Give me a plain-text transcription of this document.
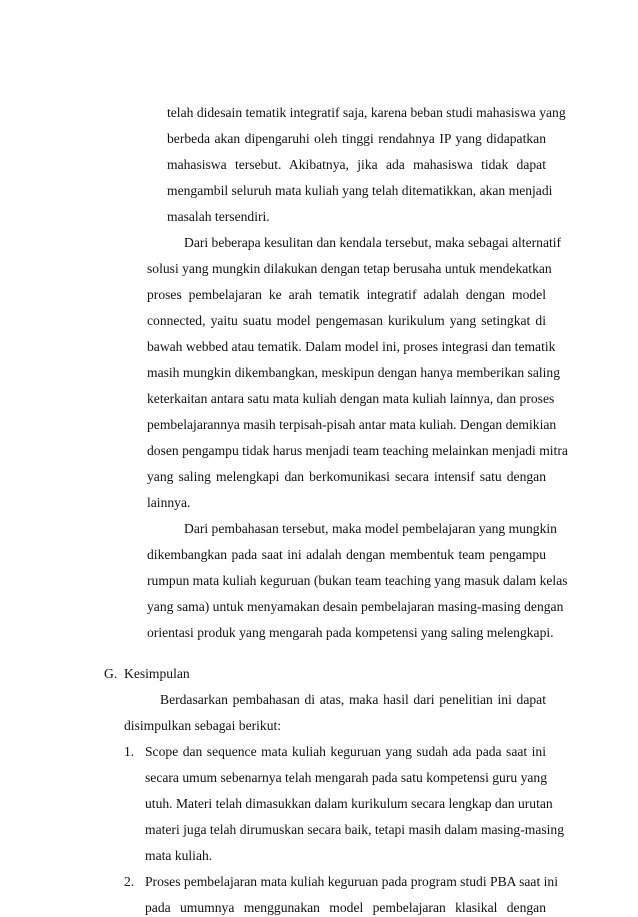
telah didesain tematik integratif saja, karena beban studi mahasiswa yang
berbeda akan dipengaruhi oleh tinggi rendahnya IP yang didapatkan
mahasiswa tersebut. Akibatnya, jika ada mahasiswa tidak dapat
mengambil seluruh mata kuliah yang telah ditematikkan, akan menjadi
masalah tersendiri.
Dari beberapa kesulitan dan kendala tersebut, maka sebagai alternatif
solusi yang mungkin dilakukan dengan tetap berusaha untuk mendekatkan
proses pembelajaran ke arah tematik integratif adalah dengan model
connected, yaitu suatu model pengemasan kurikulum yang setingkat di
bawah webbed atau tematik. Dalam model ini, proses integrasi dan tematik
masih mungkin dikembangkan, meskipun dengan hanya memberikan saling
keterkaitan antara satu mata kuliah dengan mata kuliah lainnya, dan proses
pembelajarannya masih terpisah-pisah antar mata kuliah. Dengan demikian
dosen pengampu tidak harus menjadi team teaching melainkan menjadi mitra
yang saling melengkapi dan berkomunikasi secara intensif satu dengan
lainnya.
Dari pembahasan tersebut, maka model pembelajaran yang mungkin
dikembangkan pada saat ini adalah dengan membentuk team pengampu
rumpun mata kuliah keguruan (bukan team teaching yang masuk dalam kelas
yang sama) untuk menyamakan desain pembelajaran masing-masing dengan
orientasi produk yang mengarah pada kompetensi yang saling melengkapi.
G.  Kesimpulan
Berdasarkan pembahasan di atas, maka hasil dari penelitian ini dapat
disimpulkan sebagai berikut:
1. Scope dan sequence mata kuliah keguruan yang sudah ada pada saat ini
secara umum sebenarnya telah mengarah pada satu kompetensi guru yang
utuh. Materi telah dimasukkan dalam kurikulum secara lengkap dan urutan
materi juga telah dirumuskan secara baik, tetapi masih dalam masing-masing
mata kuliah.
2. Proses pembelajaran mata kuliah keguruan pada program studi PBA saat ini
pada umumnya menggunakan model pembelajaran klasikal dengan
